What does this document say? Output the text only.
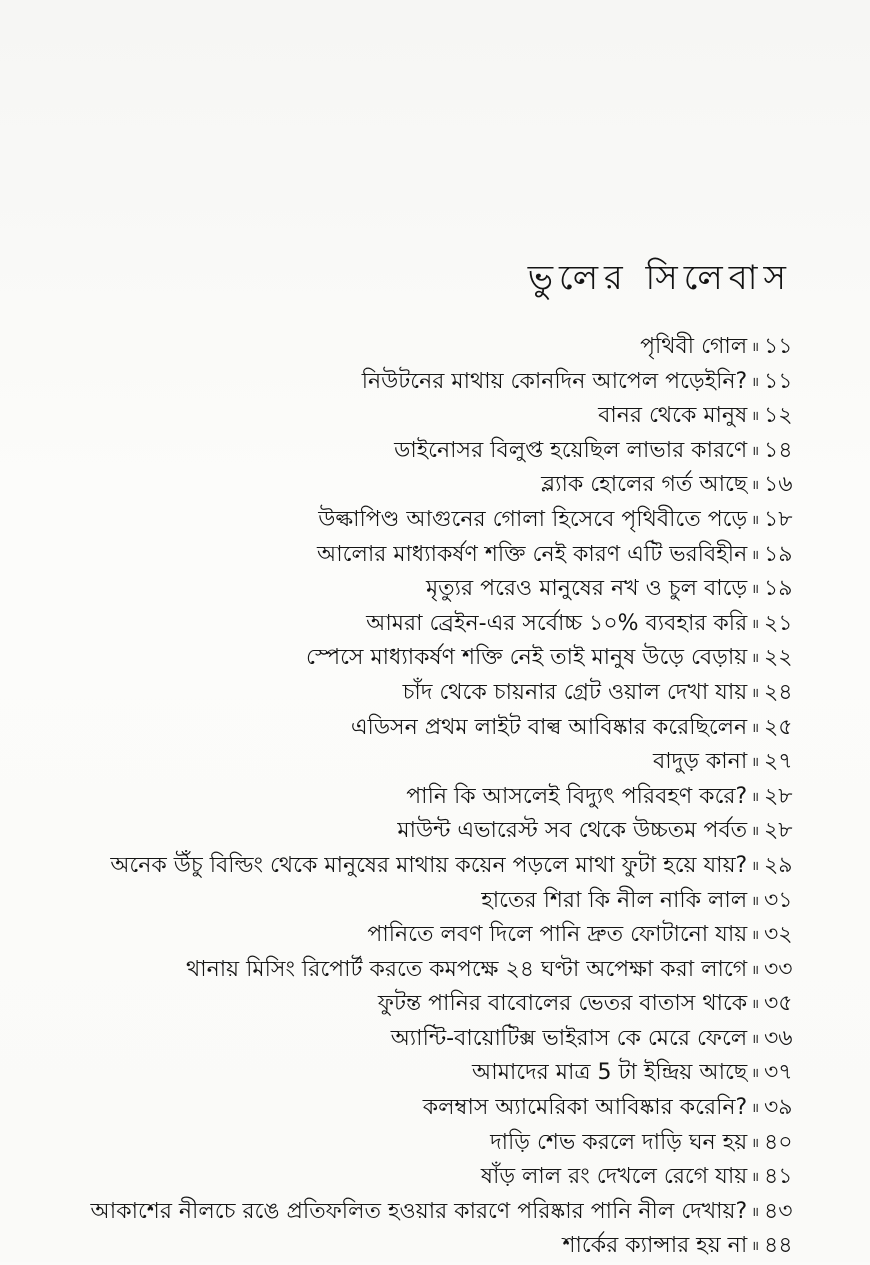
ভুলের সিলেবাস
পৃথিবী গোল ॥ ১১
নিউটনের মাথায় কোনদিন আপেল পড়েইনি? ॥ ১১
বানর থেকে মানুষ ॥ ১২
ডাইনোসর বিলুপ্ত হয়েছিল লাভার কারণে ॥ ১৪
ব্ল্যাক হোলের গর্ত আছে ॥ ১৬
উল্কাপিণ্ড আগুনের গোলা হিসেবে পৃথিবীতে পড়ে ॥ ১৮
আলোর মাধ্যাকর্ষণ শক্তি নেই কারণ এটি ভরবিহীন ॥ ১৯
মৃত্যুর পরেও মানুষের নখ ও চুল বাড়ে ॥ ১৯
আমরা ব্রেইন-এর সর্বোচ্চ ১০% ব্যবহার করি ॥ ২১
স্পেসে মাধ্যাকর্ষণ শক্তি নেই তাই মানুষ উড়ে বেড়ায় ॥ ২২
চাঁদ থেকে চায়নার গ্রেট ওয়াল দেখা যায় ॥ ২৪
এডিসন প্রথম লাইট বাল্ব আবিষ্কার করেছিলেন ॥ ২৫
বাদুড় কানা ॥ ২৭
পানি কি আসলেই বিদ্যুৎ পরিবহণ করে? ॥ ২৮
মাউন্ট এভারেস্ট সব থেকে উচ্চতম পর্বত ॥ ২৮
অনেক উঁচু বিল্ডিং থেকে মানুষের মাথায় কয়েন পড়লে মাথা ফুটা হয়ে যায়? ॥ ২৯
হাতের শিরা কি নীল নাকি লাল ॥ ৩১
পানিতে লবণ দিলে পানি দ্রুত ফোটানো যায় ॥ ৩২
থানায় মিসিং রিপোর্ট করতে কমপক্ষে ২৪ ঘণ্টা অপেক্ষা করা লাগে ॥ ৩৩
ফুটন্ত পানির বাবোলের ভেতর বাতাস থাকে ॥ ৩৫
অ্যান্টি-বায়োটিক্স ভাইরাস কে মেরে ফেলে ॥ ৩৬
আমাদের মাত্র 5 টা ইন্দ্রিয় আছে ॥ ৩৭
কলম্বাস অ্যামেরিকা আবিষ্কার করেনি? ॥ ৩৯
দাড়ি শেভ করলে দাড়ি ঘন হয় ॥ ৪০
ষাঁড় লাল রং দেখলে রেগে যায় ॥ ৪১
আকাশের নীলচে রঙে প্রতিফলিত হওয়ার কারণে পরিষ্কার পানি নীল দেখায়? ॥ ৪৩
শার্কের ক্যান্সার হয় না ॥ ৪৪
